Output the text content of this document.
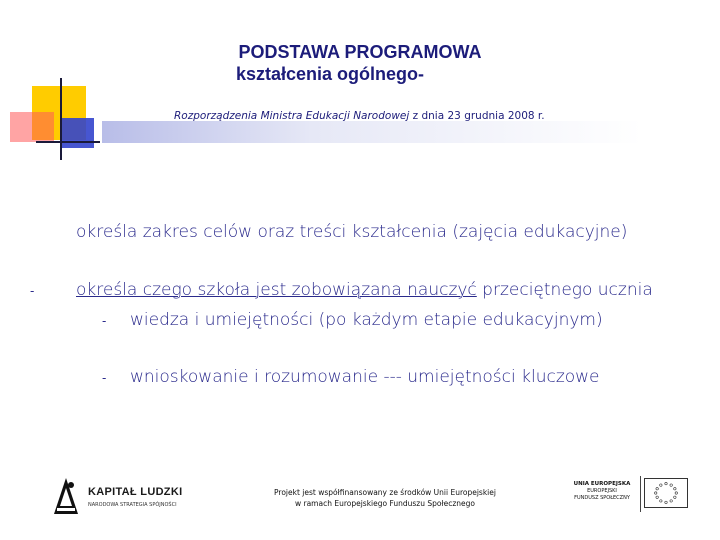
PODSTAWA PROGRAMOWA
kształcenia ogólnego-
Rozporządzenia Ministra Edukacji Narodowej z dnia 23 grudnia 2008 r.
określa zakres celów oraz treści kształcenia (zajęcia edukacyjne)
- określa czego szkoła jest zobowiązana nauczyć przeciętnego ucznia
- wiedza i umiejętności (po każdym etapie edukacyjnym)
- wnioskowanie i rozumowanie --- umiejętności kluczowe
KAPITAŁ LUDZKI
NARODOWA STRATEGIA SPÓJNOŚCI
Projekt jest współfinansowany ze środków Unii Europejskiej
w ramach Europejskiego Funduszu Społecznego
UNIA EUROPEJSKA
EUROPEJSKI
FUNDUSZ SPOŁECZNY
